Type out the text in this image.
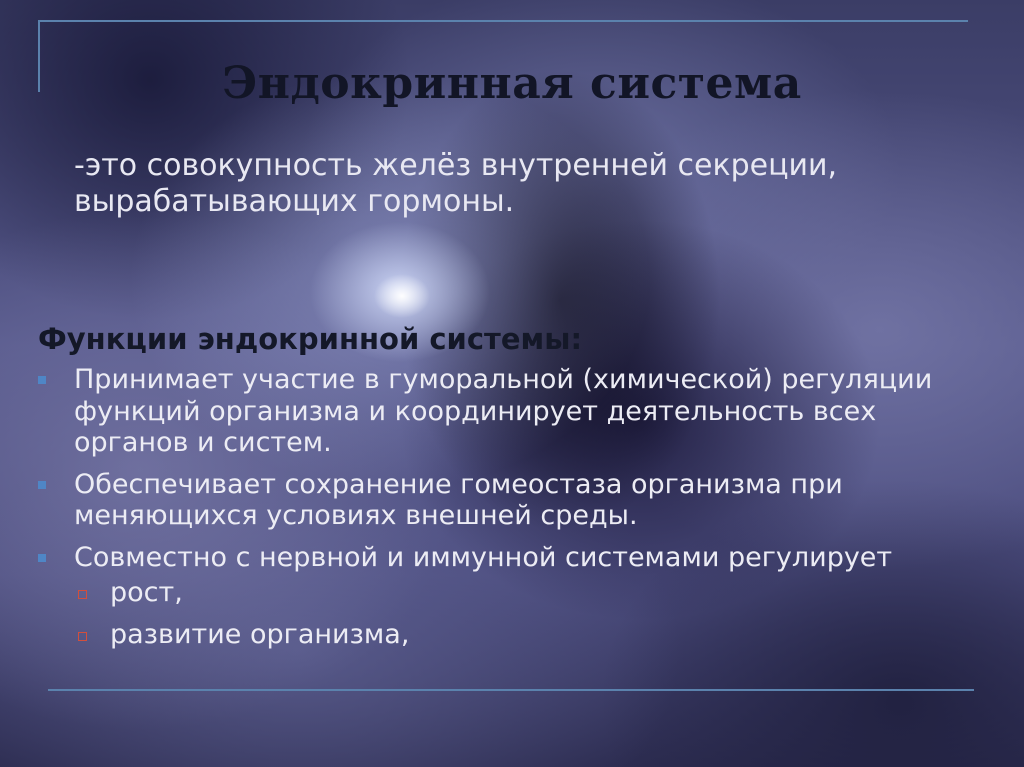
Эндокринная система
-это совокупность желёз внутренней секреции, вырабатывающих гормоны.
Функции эндокринной системы:
Принимает участие в гуморальной (химической) регуляции функций организма и координирует деятельность всех органов и систем.
Обеспечивает сохранение гомеостаза организма при меняющихся условиях внешней среды.
Совместно с нервной и иммунной системами регулирует
рост,
развитие организма,
